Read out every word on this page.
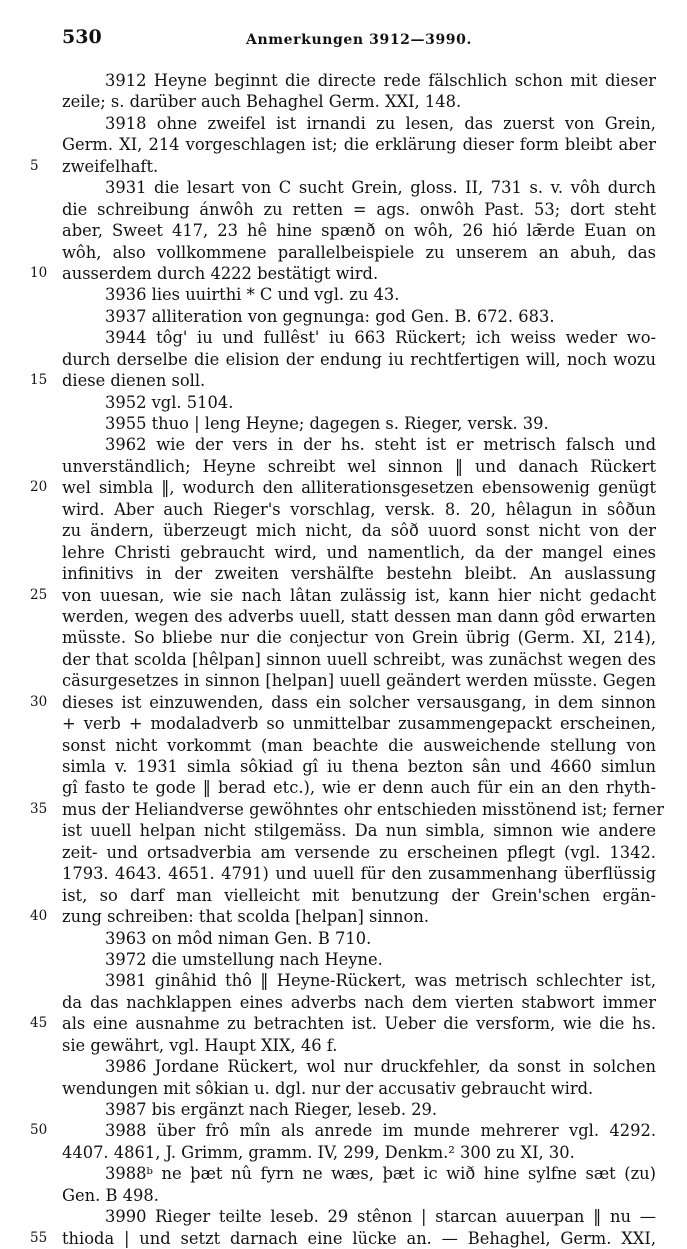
530	Anmerkungen 3912—3990.
3912 Heyne beginnt die directe rede fälschlich schon mit dieser
zeile; s. darüber auch Behaghel Germ. XXI, 148.
3918 ohne zweifel ist irnandi zu lesen, das zuerst von Grein,
Germ. XI, 214 vorgeschlagen ist; die erklärung dieser form bleibt aber
5	zweifelhaft.
3931 die lesart von C sucht Grein, gloss. II, 731 s. v. vôh durch
die schreibung ánwôh zu retten = ags. onwôh Past. 53; dort steht
aber, Sweet 417, 23 hê hine spænð on wôh, 26 hió lǣrde Euan on
wôh, also vollkommene parallelbeispiele zu unserem an abuh, das
10 ausserdem durch 4222 bestätigt wird.
3936 lies uuirthi * C und vgl. zu 43.
3937 alliteration von gegnunga: god Gen. B. 672. 683.
3944 tôg' iu und fullêst' iu 663 Rückert; ich weiss weder wo-
durch derselbe die elision der endung iu rechtfertigen will, noch wozu
15 diese dienen soll.
3952 vgl. 5104.
3955 thuo | leng Heyne; dagegen s. Rieger, versk. 39.
3962 wie der vers in der hs. steht ist er metrisch falsch und
unverständlich; Heyne schreibt wel sinnon ‖ und danach Rückert
20 wel simbla ‖, wodurch den alliterationsgesetzen ebensowenig genügt
wird. Aber auch Rieger's vorschlag, versk. 8. 20, hêlagun in sôðun
zu ändern, überzeugt mich nicht, da sôð uuord sonst nicht von der
lehre Christi gebraucht wird, und namentlich, da der mangel eines
infinitivs in der zweiten vershälfte bestehn bleibt. An auslassung
25 von uuesan, wie sie nach lâtan zulässig ist, kann hier nicht gedacht
werden, wegen des adverbs uuell, statt dessen man dann gôd erwarten
müsste. So bliebe nur die conjectur von Grein übrig (Germ. XI, 214),
der that scolda [hêlpan] sinnon uuell schreibt, was zunächst wegen des
cäsurgesetzes in sinnon [helpan] uuell geändert werden müsste. Gegen
30 dieses ist einzuwenden, dass ein solcher versausgang, in dem sinnon
+ verb + modaladverb so unmittelbar zusammengepackt erscheinen,
sonst nicht vorkommt (man beachte die ausweichende stellung von
simla v. 1931 simla sôkiad gî iu thena bezton sân und 4660 simlun
gî fasto te gode ‖ berad etc.), wie er denn auch für ein an den rhyth-
35 mus der Heliandverse gewöhntes ohr entschieden misstönend ist; ferner
ist uuell helpan nicht stilgemäss. Da nun simbla, simnon wie andere
zeit- und ortsadverbia am versende zu erscheinen pflegt (vgl. 1342.
1793. 4643. 4651. 4791) und uuell für den zusammenhang überflüssig
ist, so darf man vielleicht mit benutzung der Grein'schen ergän-
40 zung schreiben: that scolda [helpan] sinnon.
3963 on môd niman Gen. B 710.
3972 die umstellung nach Heyne.
3981 ginâhid thô ‖ Heyne-Rückert, was metrisch schlechter ist,
da das nachklappen eines adverbs nach dem vierten stabwort immer
45 als eine ausnahme zu betrachten ist. Ueber die versform, wie die hs.
sie gewährt, vgl. Haupt XIX, 46 f.
3986 Jordane Rückert, wol nur druckfehler, da sonst in solchen
wendungen mit sôkian u. dgl. nur der accusativ gebraucht wird.
3987 bis ergänzt nach Rieger, leseb. 29.
50	3988 über frô mîn als anrede im munde mehrerer vgl. 4292.
4407. 4861, J. Grimm, gramm. IV, 299, Denkm.² 300 zu XI, 30.
3988ᵇ ne þæt nû fyrn ne wæs, þæt ic wið hine sylfne sæt (zu)
Gen. B 498.
3990 Rieger teilte leseb. 29 stênon | starcan auuerpan ‖ nu —
55 thioda | und setzt darnach eine lücke an. — Behaghel, Germ. XXI,
